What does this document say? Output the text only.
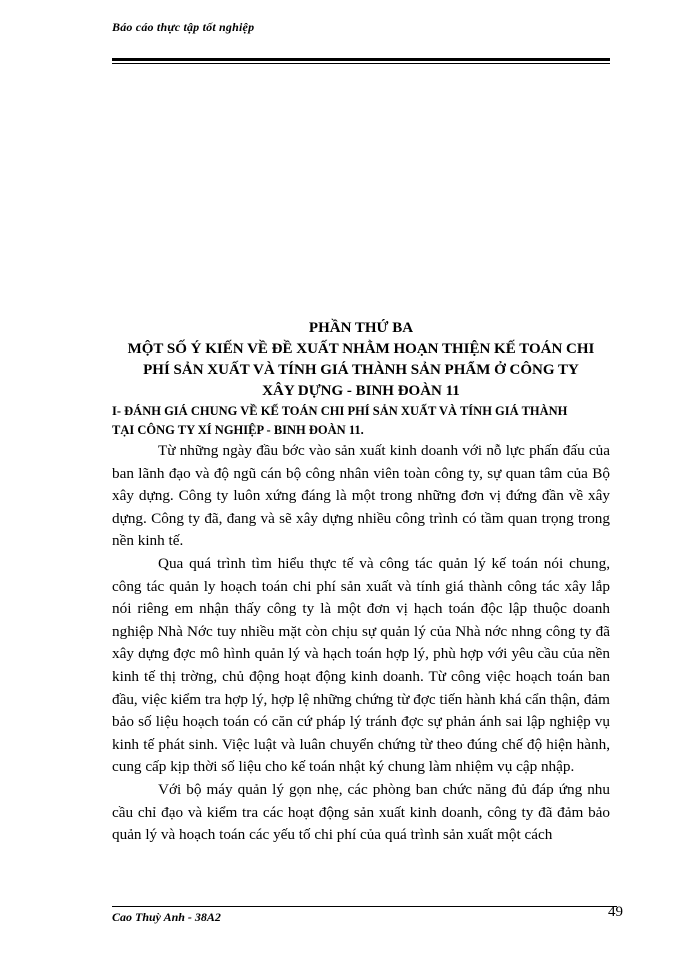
Báo cáo thực tập tốt nghiệp
PHẦN THỨ BA
MỘT SỐ Ý KIẾN VỀ ĐỀ XUẤT NHẰM HOẠN THIỆN KẾ TOÁN CHI
PHÍ SẢN XUẤT VÀ TÍNH GIÁ THÀNH SẢN PHẨM Ở CÔNG TY
XÂY DỰNG - BINH ĐOÀN 11
I- ĐÁNH GIÁ CHUNG VỀ KẾ TOÁN CHI PHÍ SẢN XUẤT VÀ TÍNH GIÁ THÀNH
TẠI CÔNG TY XÍ NGHIỆP - BINH ĐOÀN 11.

Từ những ngày đầu bớc vào sản xuất kinh doanh với nỗ lực phấn đấu của ban lãnh đạo và độ ngũ cán bộ công nhân viên toàn công ty, sự quan tâm của Bộ xây dựng. Công ty luôn xứng đáng là một trong những đơn vị đứng đần về xây dựng. Công ty đã, đang và sẽ xây dựng nhiều công trình có tầm quan trọng trong nền kinh tế.

Qua quá trình tìm hiểu thực tế và công tác quản lý kế toán nói chung, công tác quản ly hoạch toán chi phí sản xuất và tính giá thành công tác xây lắp nói riêng em nhận thấy công ty là một đơn vị hạch toán độc lập thuộc doanh nghiệp Nhà Nớc tuy nhiều mặt còn chịu sự quản lý của Nhà nớc nhng công ty đã xây dựng đợc mô hình quản lý và hạch toán hợp lý, phù hợp với yêu cầu của nền kinh tế thị trờng, chủ động hoạt động kinh doanh. Từ công việc hoạch toán ban đầu, việc kiểm tra hợp lý, hợp lệ những chứng từ đợc tiến hành khá cẩn thận, đảm bảo số liệu hoạch toán có căn cứ pháp lý tránh đợc sự phản ánh sai lập nghiệp vụ kinh tế phát sinh. Việc luật và luân chuyển chứng từ theo đúng chế độ hiện hành, cung cấp kịp thời số liệu cho kế toán nhật ký chung làm nhiệm vụ cập nhập.

Với bộ máy quản lý gọn nhẹ, các phòng ban chức năng đủ đáp ứng nhu cầu chỉ đạo và kiểm tra các hoạt động sản xuất kinh doanh, công ty đã đảm bảo quản lý và hoạch toán các yếu tố chi phí của quá trình sản xuất một cách

Cao Thuỳ Anh - 38A2	49
